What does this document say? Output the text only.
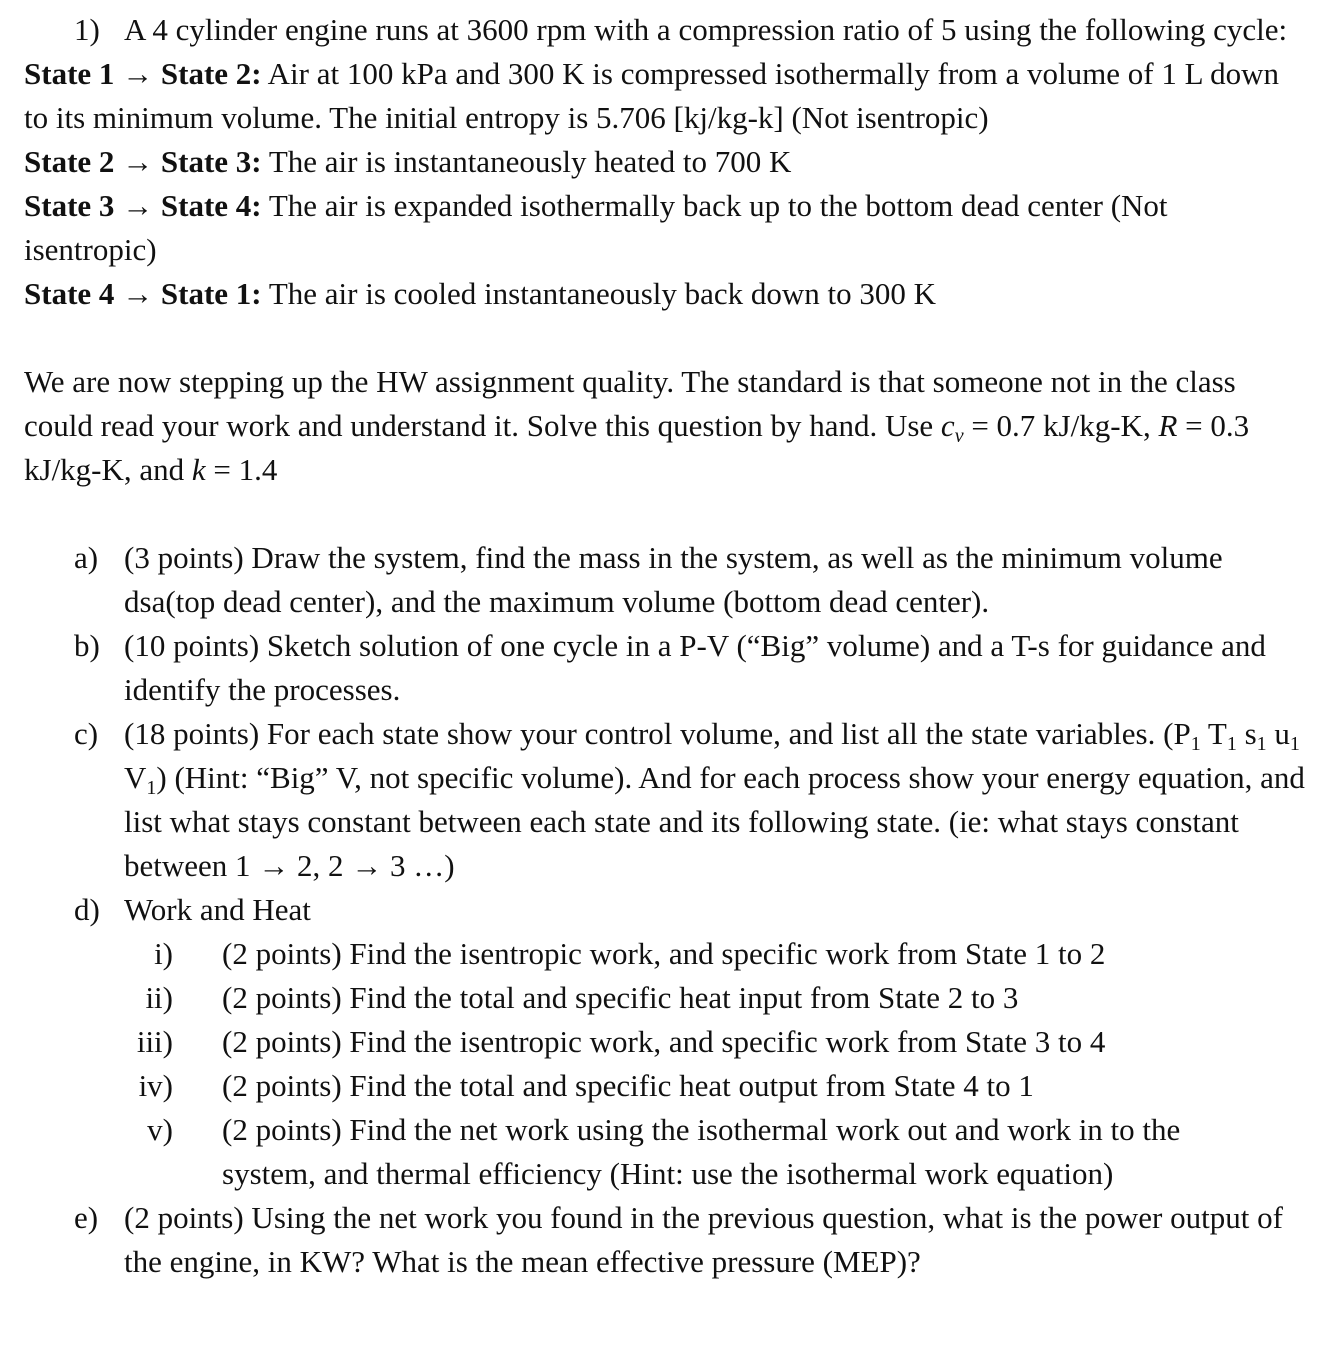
1) A 4 cylinder engine runs at 3600 rpm with a compression ratio of 5 using the following cycle:
State 1 → State 2: Air at 100 kPa and 300 K is compressed isothermally from a volume of 1 L down to its minimum volume. The initial entropy is 5.706 [kj/kg-k] (Not isentropic)
State 2 → State 3: The air is instantaneously heated to 700 K
State 3 → State 4: The air is expanded isothermally back up to the bottom dead center (Not isentropic)
State 4 → State 1: The air is cooled instantaneously back down to 300 K
We are now stepping up the HW assignment quality. The standard is that someone not in the class could read your work and understand it. Solve this question by hand. Use cv = 0.7 kJ/kg-K, R = 0.3 kJ/kg-K, and k = 1.4
a) (3 points) Draw the system, find the mass in the system, as well as the minimum volume dsa(top dead center), and the maximum volume (bottom dead center).
b) (10 points) Sketch solution of one cycle in a P-V (“Big” volume) and a T-s for guidance and identify the processes.
c) (18 points) For each state show your control volume, and list all the state variables. (P1 T1 s1 u1 V1) (Hint: “Big” V, not specific volume). And for each process show your energy equation, and list what stays constant between each state and its following state. (ie: what stays constant between 1 → 2, 2 → 3 …)
d) Work and Heat
i) (2 points) Find the isentropic work, and specific work from State 1 to 2
ii) (2 points) Find the total and specific heat input from State 2 to 3
iii) (2 points) Find the isentropic work, and specific work from State 3 to 4
iv) (2 points) Find the total and specific heat output from State 4 to 1
v) (2 points) Find the net work using the isothermal work out and work in to the system, and thermal efficiency (Hint: use the isothermal work equation)
e) (2 points) Using the net work you found in the previous question, what is the power output of the engine, in KW? What is the mean effective pressure (MEP)?
